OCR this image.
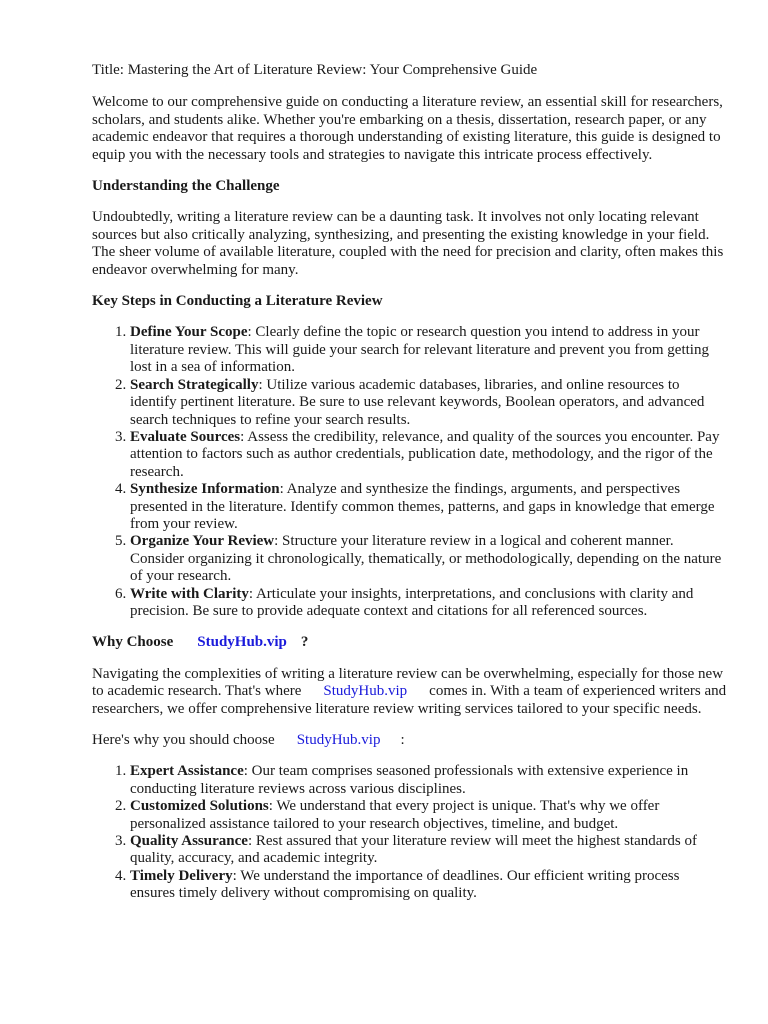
Title: Mastering the Art of Literature Review: Your Comprehensive Guide

Welcome to our comprehensive guide on conducting a literature review, an essential skill for researchers, scholars, and students alike. Whether you're embarking on a thesis, dissertation, research paper, or any academic endeavor that requires a thorough understanding of existing literature, this guide is designed to equip you with the necessary tools and strategies to navigate this intricate process effectively.

Understanding the Challenge

Undoubtedly, writing a literature review can be a daunting task. It involves not only locating relevant sources but also critically analyzing, synthesizing, and presenting the existing knowledge in your field. The sheer volume of available literature, coupled with the need for precision and clarity, often makes this endeavor overwhelming for many.

Key Steps in Conducting a Literature Review

1. Define Your Scope: Clearly define the topic or research question you intend to address in your literature review. This will guide your search for relevant literature and prevent you from getting lost in a sea of information.
2. Search Strategically: Utilize various academic databases, libraries, and online resources to identify pertinent literature. Be sure to use relevant keywords, Boolean operators, and advanced search techniques to refine your search results.
3. Evaluate Sources: Assess the credibility, relevance, and quality of the sources you encounter. Pay attention to factors such as author credentials, publication date, methodology, and the rigor of the research.
4. Synthesize Information: Analyze and synthesize the findings, arguments, and perspectives presented in the literature. Identify common themes, patterns, and gaps in knowledge that emerge from your review.
5. Organize Your Review: Structure your literature review in a logical and coherent manner. Consider organizing it chronologically, thematically, or methodologically, depending on the nature of your research.
6. Write with Clarity: Articulate your insights, interpretations, and conclusions with clarity and precision. Be sure to provide adequate context and citations for all referenced sources.

Why Choose StudyHub.vip ?

Navigating the complexities of writing a literature review can be overwhelming, especially for those new to academic research. That's where StudyHub.vip comes in. With a team of experienced writers and researchers, we offer comprehensive literature review writing services tailored to your specific needs.

Here's why you should choose StudyHub.vip :

1. Expert Assistance: Our team comprises seasoned professionals with extensive experience in conducting literature reviews across various disciplines.
2. Customized Solutions: We understand that every project is unique. That's why we offer personalized assistance tailored to your research objectives, timeline, and budget.
3. Quality Assurance: Rest assured that your literature review will meet the highest standards of quality, accuracy, and academic integrity.
4. Timely Delivery: We understand the importance of deadlines. Our efficient writing process ensures timely delivery without compromising on quality.
